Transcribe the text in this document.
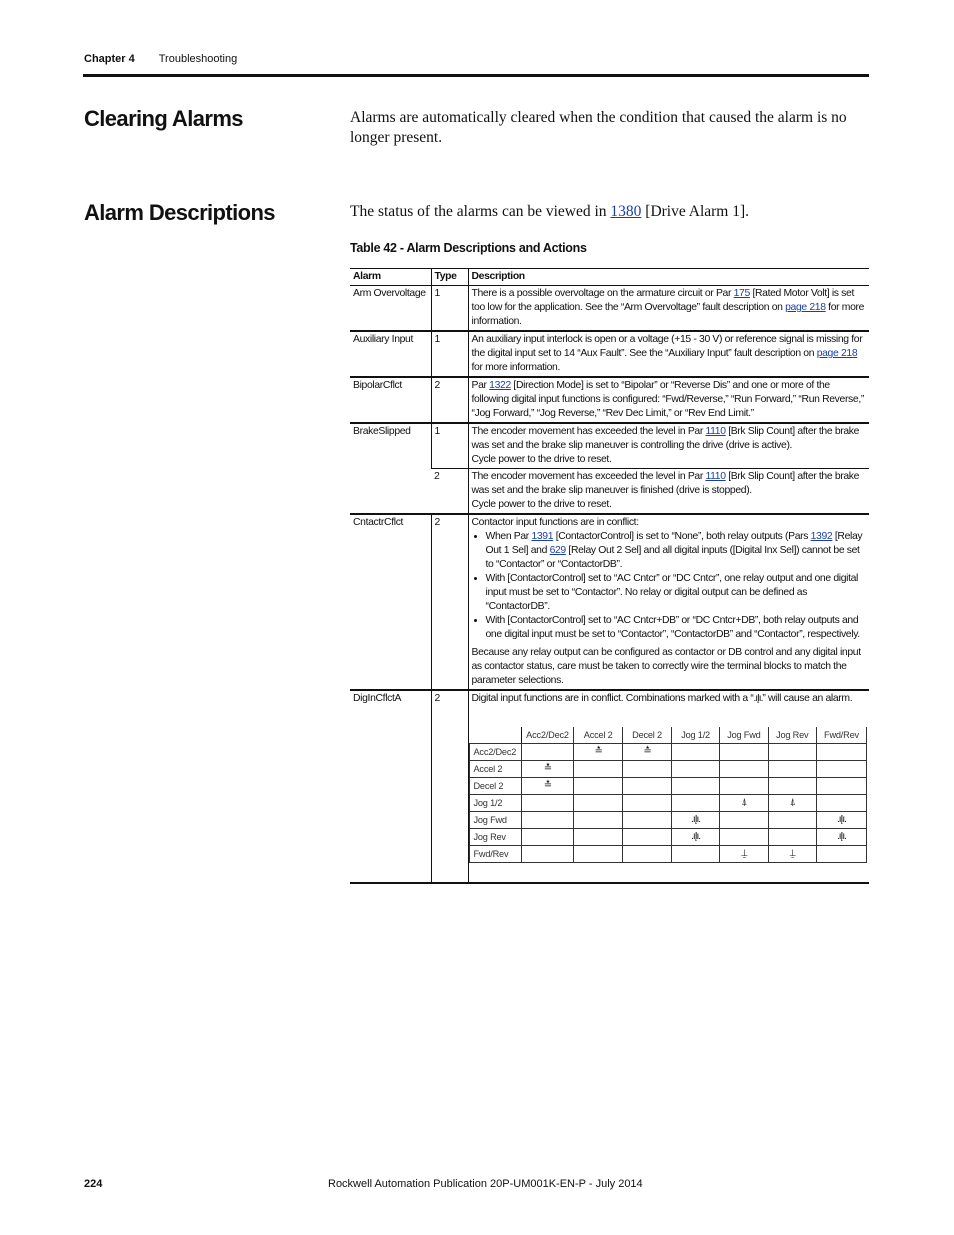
Chapter 4 Troubleshooting
Clearing Alarms	Alarms are automatically cleared when the condition that caused the alarm is no longer present.
Alarm Descriptions	The status of the alarms can be viewed in 1380 [Drive Alarm 1].
Table 42 - Alarm Descriptions and Actions
Alarm	Type	Description
Arm Overvoltage	1	There is a possible overvoltage on the armature circuit or Par 175 [Rated Motor Volt] is set too low for the application. See the “Arm Overvoltage” fault description on page 218 for more information.
Auxiliary Input	1	An auxiliary input interlock is open or a voltage (+15 - 30 V) or reference signal is missing for the digital input set to 14 “Aux Fault”. See the “Auxiliary Input” fault description on page 218 for more information.
BipolarCflct	2	Par 1322 [Direction Mode] is set to “Bipolar” or “Reverse Dis” and one or more of the following digital input functions is configured: “Fwd/Reverse,” “Run Forward,” “Run Reverse,” “Jog Forward,” “Jog Reverse,” “Rev Dec Limit,” or “Rev End Limit.”
BrakeSlipped	1	The encoder movement has exceeded the level in Par 1110 [Brk Slip Count] after the brake was set and the brake slip maneuver is controlling the drive (drive is active).

Cycle power to the drive to reset.

2	The encoder movement has exceeded the level in Par 1110 [Brk Slip Count] after the brake was set and the brake slip maneuver is finished (drive is stopped).

Cycle power to the drive to reset.

CntactrCflct	2	Contactor input functions are in conflict:

• When Par 1391 [ContactorControl] is set to “None”, both relay outputs (Pars 1392 [Relay Out 1 Sel] and 629 [Relay Out 2 Sel] and all digital inputs ([Digital Inx Sel]) cannot be set to “Contactor” or “ContactorDB”.
• With [ContactorControl] set to “AC Cntcr” or “DC Cntcr”, one relay output and one digital input must be set to “Contactor”. No relay or digital output can be defined as “ContactorDB”.
• With [ContactorControl] set to “AC Cntcr+DB” or “DC Cntcr+DB”, both relay outputs and one digital input must be set to “Contactor”, “ContactorDB” and “Contactor”, respectively.

Because any relay output can be configured as contactor or DB control and any digital input as contactor status, care must be taken to correctly wire the terminal blocks to match the parameter selections.

DigInCflctA	2	Digital input functions are in conflict. Combinations marked with a “.ıĮı.” will cause an alarm.

	Acc2/Dec2	Accel 2	Decel 2	Jog 1/2	Jog Fwd	Jog Rev	Fwd/Rev
Acc2/Dec2		≛	≛				
Accel 2	≛						
Decel 2	≛						
Jog 1/2					⍋	⍋	
Jog Fwd				.ıĮı.			.ıĮı.
Jog Rev				.ıĮı.			.ıĮı.
Fwd/Rev					⍊	⍊	
224	Rockwell Automation Publication 20P-UM001K-EN-P - July 2014
